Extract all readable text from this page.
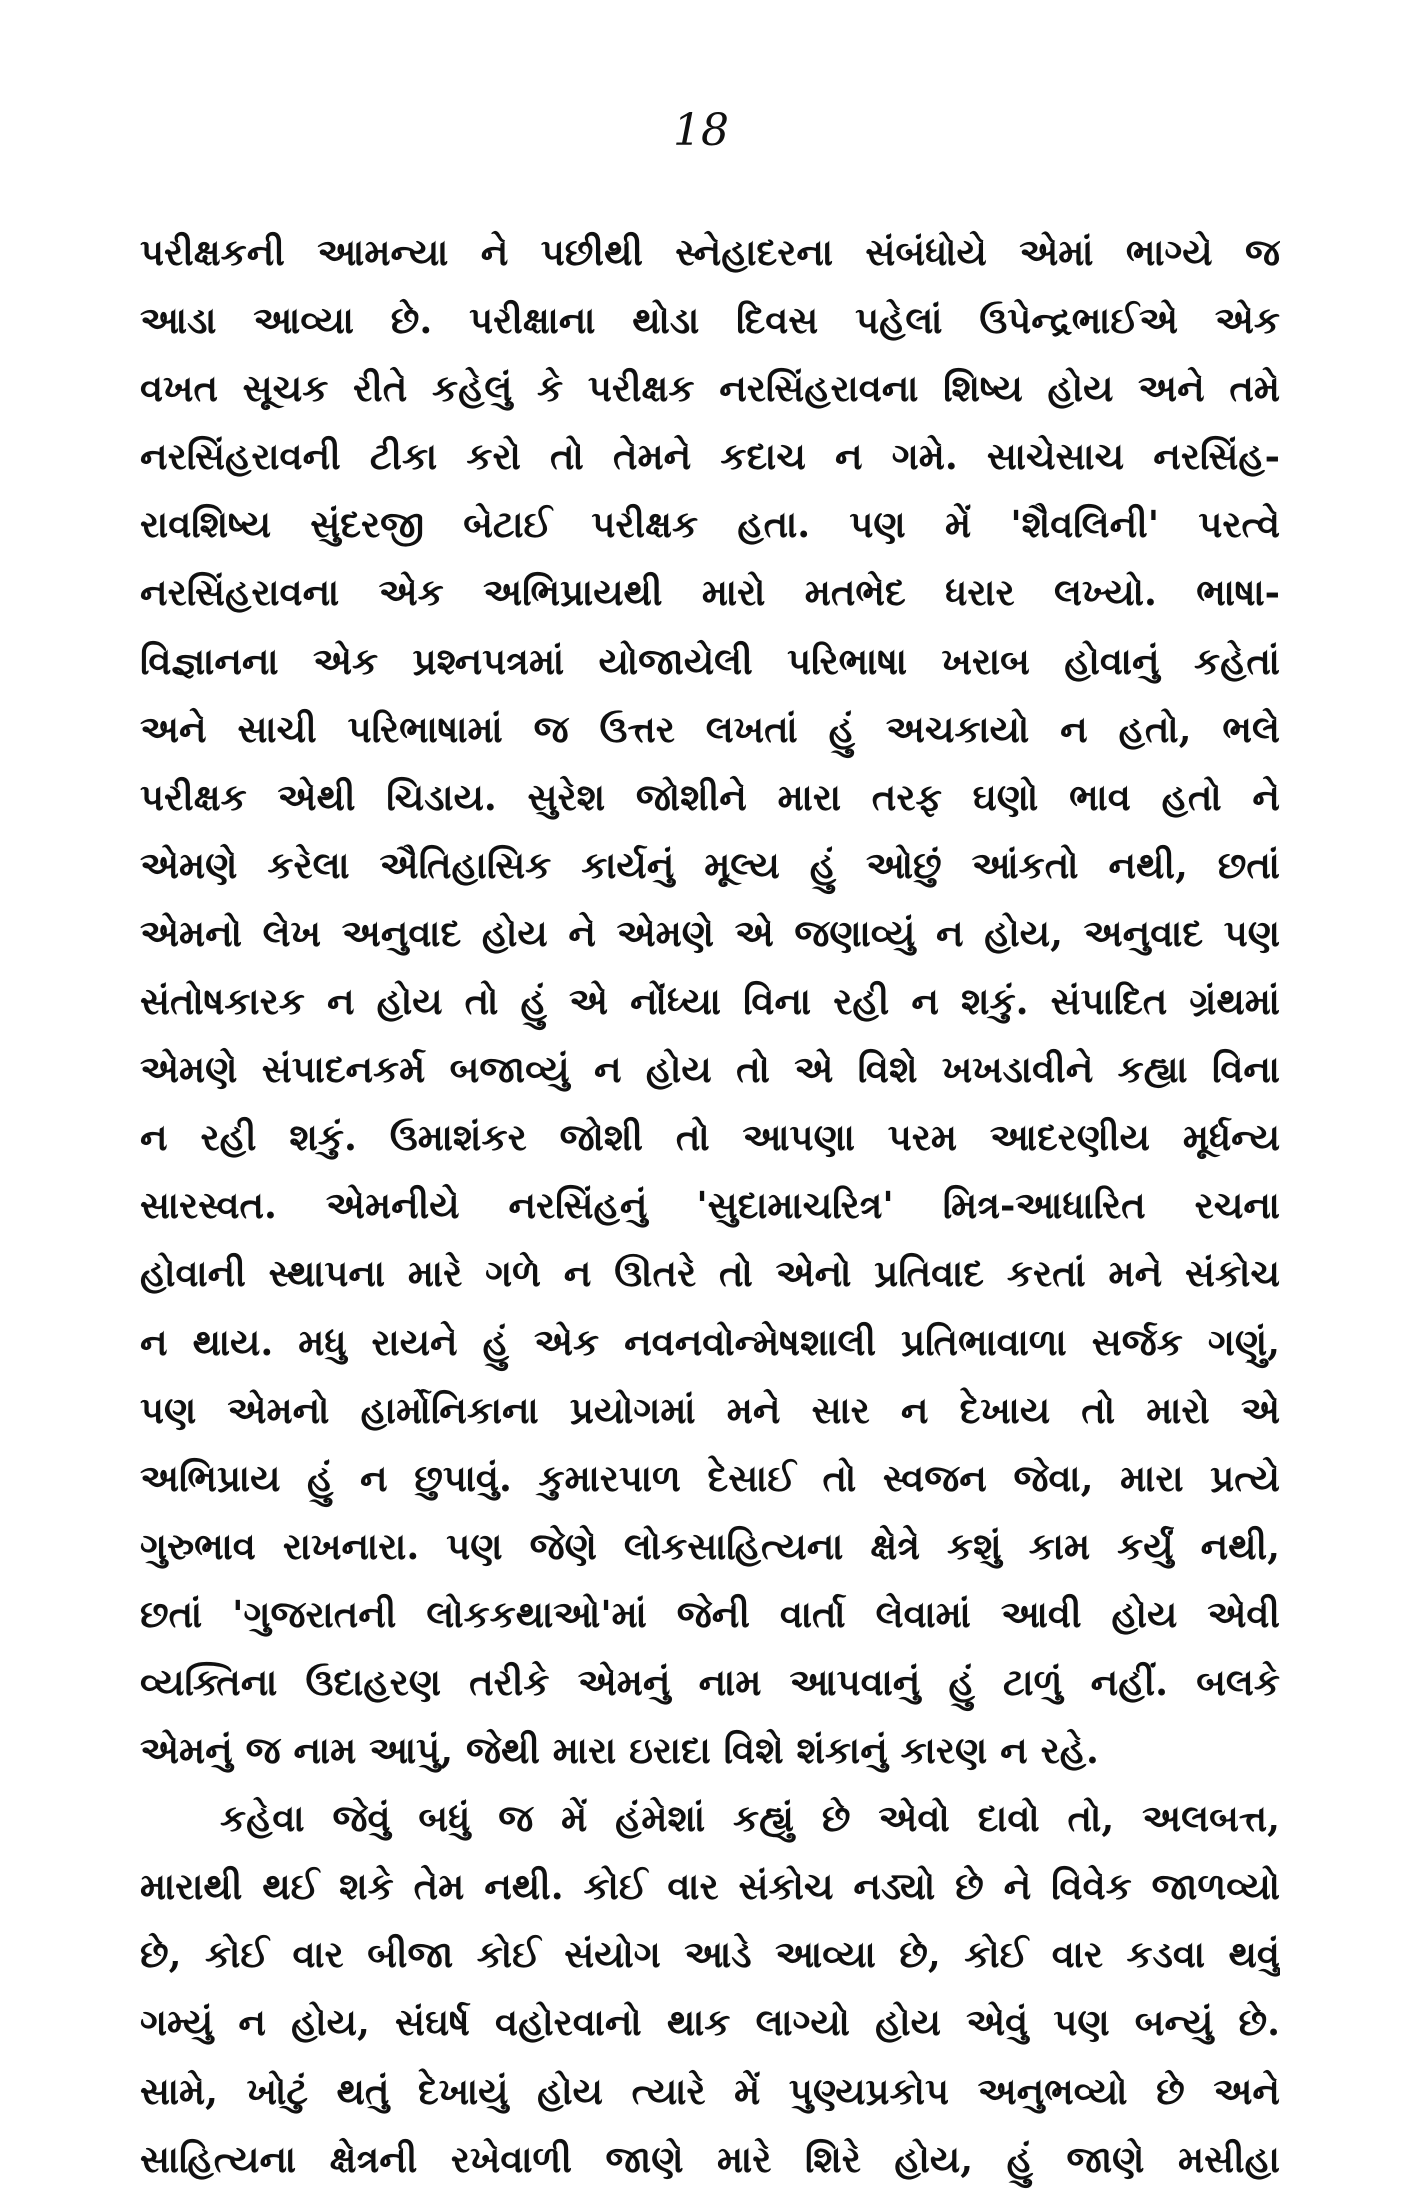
18
પરીક્ષકની આમન્યા ને પછીથી સ્નેહાદરના સંબંધોયે એમાં ભાગ્યે જ
આડા આવ્યા છે. પરીક્ષાના થોડા દિવસ પહેલાં ઉપેન્દ્રભાઈએ એક
વખત સૂચક રીતે કહેલું કે પરીક્ષક નરસિંહરાવના શિષ્ય હોય અને તમે
નરસિંહરાવની ટીકા કરો તો તેમને કદાચ ન ગમે. સાચેસાચ નરસિંહ-
રાવશિષ્ય સુંદરજી બેટાઈ પરીક્ષક હતા. પણ મેં 'શૈવલિની' પરત્વે
નરસિંહરાવના એક અભિપ્રાયથી મારો મતભેદ ધરાર લખ્યો. ભાષા-
વિજ્ઞાનના એક પ્રશ્નપત્રમાં યોજાયેલી પરિભાષા ખરાબ હોવાનું કહેતાં
અને સાચી પરિભાષામાં જ ઉત્તર લખતાં હું અચકાયો ન હતો, ભલે
પરીક્ષક એથી ચિડાય. સુરેશ જોશીને મારા તરફ ઘણો ભાવ હતો ને
એમણે કરેલા ઐતિહાસિક કાર્યનું મૂલ્ય હું ઓછું આંકતો નથી, છતાં
એમનો લેખ અનુવાદ હોય ને એમણે એ જણાવ્યું ન હોય, અનુવાદ પણ
સંતોષકારક ન હોય તો હું એ નોંધ્યા વિના રહી ન શકું. સંપાદિત ગ્રંથમાં
એમણે સંપાદનકર્મ બજાવ્યું ન હોય તો એ વિશે ખખડાવીને કહ્યા વિના
ન રહી શકું. ઉમાશંકર જોશી તો આપણા પરમ આદરણીય મૂર્ધન્ય
સારસ્વત. એમનીયે નરસિંહનું 'સુદામાચરિત્ર' મિત્ર-આધારિત રચના
હોવાની સ્થાપના મારે ગળે ન ઊતરે તો એનો પ્રતિવાદ કરતાં મને સંકોચ
ન થાય. મધુ રાયને હું એક નવનવોન્મેષશાલી પ્રતિભાવાળા સર્જક ગણું,
પણ એમનો હાર્મોનિકાના પ્રયોગમાં મને સાર ન દેખાય તો મારો એ
અભિપ્રાય હું ન છુપાવું. કુમારપાળ દેસાઈ તો સ્વજન જેવા, મારા પ્રત્યે
ગુરુભાવ રાખનારા. પણ જેણે લોકસાહિત્યના ક્ષેત્રે કશું કામ કર્યું નથી,
છતાં 'ગુજરાતની લોકકથાઓ'માં જેની વાર્તા લેવામાં આવી હોય એવી
વ્યક્તિના ઉદાહરણ તરીકે એમનું નામ આપવાનું હું ટાળું નહીં. બલકે
એમનું જ નામ આપું, જેથી મારા ઇરાદા વિશે શંકાનું કારણ ન રહે.
કહેવા જેવું બધું જ મેં હંમેશાં કહ્યું છે એવો દાવો તો, અલબત્ત,
મારાથી થઈ શકે તેમ નથી. કોઈ વાર સંકોચ નડ્યો છે ને વિવેક જાળવ્યો
છે, કોઈ વાર બીજા કોઈ સંયોગ આડે આવ્યા છે, કોઈ વાર કડવા થવું
ગમ્યું ન હોય, સંઘર્ષ વહોરવાનો થાક લાગ્યો હોય એવું પણ બન્યું છે.
સામે, ખોટું થતું દેખાયું હોય ત્યારે મેં પુણ્યપ્રકોપ અનુભવ્યો છે અને
સાહિત્યના ક્ષેત્રની રખેવાળી જાણે મારે શિરે હોય, હું જાણે મસીહા
